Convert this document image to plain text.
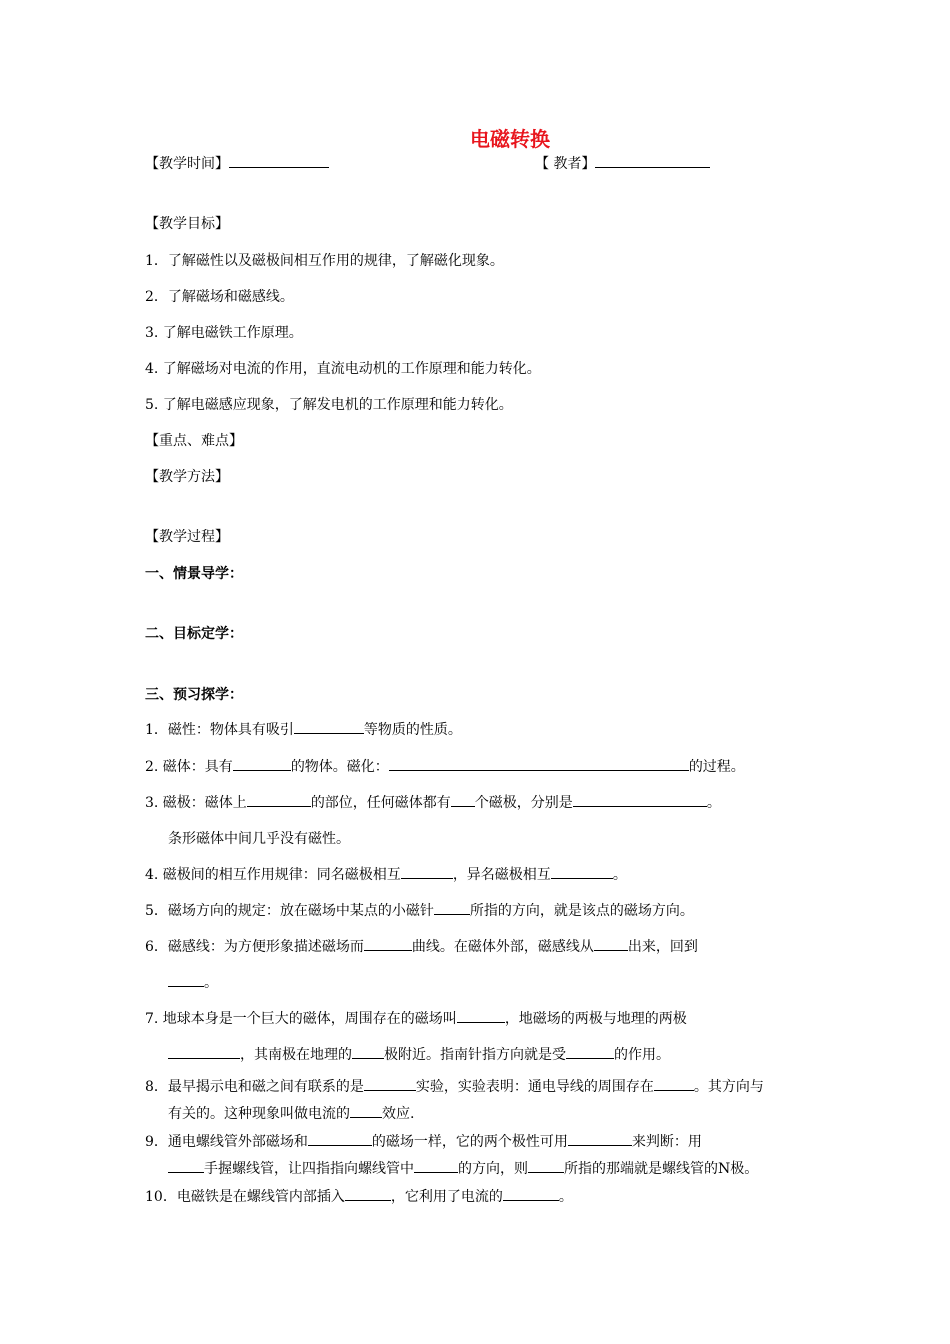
电磁转换
【教学时间】	【 教者】
【教学目标】
1．了解磁性以及磁极间相互作用的规律，了解磁化现象。
2．了解磁场和磁感线。
3. 了解电磁铁工作原理。
4. 了解磁场对电流的作用，直流电动机的工作原理和能力转化。
5. 了解电磁感应现象，了解发电机的工作原理和能力转化。
【重点、难点】
【教学方法】
【教学过程】
一、情景导学：
二、目标定学：
三、预习探学：
1．磁性：物体具有吸引	等物质的性质。
2. 磁体：具有	的物体。磁化：	的过程。
3. 磁极：磁体上	的部位，任何磁体都有 个磁极，分别是	。
条形磁体中间几乎没有磁性。
4. 磁极间的相互作用规律：同名磁极相互	，异名磁极相互	。
5．磁场方向的规定：放在磁场中某点的小磁针	所指的方向，就是该点的磁场方向。
6．磁感线：为方便形象描述磁场而	曲线。在磁体外部，磁感线从 出来，回到
。
7. 地球本身是一个巨大的磁体，周围存在的磁场叫	，地磁场的两极与地理的两极
，其南极在地理的 极附近。指南针指方向就是受	的作用。
8．最早揭示电和磁之间有联系的是	实验，实验表明：通电导线的周围存在	。其方向与
有关的。这种现象叫做电流的 效应.
9．通电螺线管外部磁场和	的磁场一样，它的两个极性可用	来判断：用
手握螺线管，让四指指向螺线管中	的方向，则	所指的那端就是螺线管的N极。
10．电磁铁是在螺线管内部插入	，它利用了电流的	。
